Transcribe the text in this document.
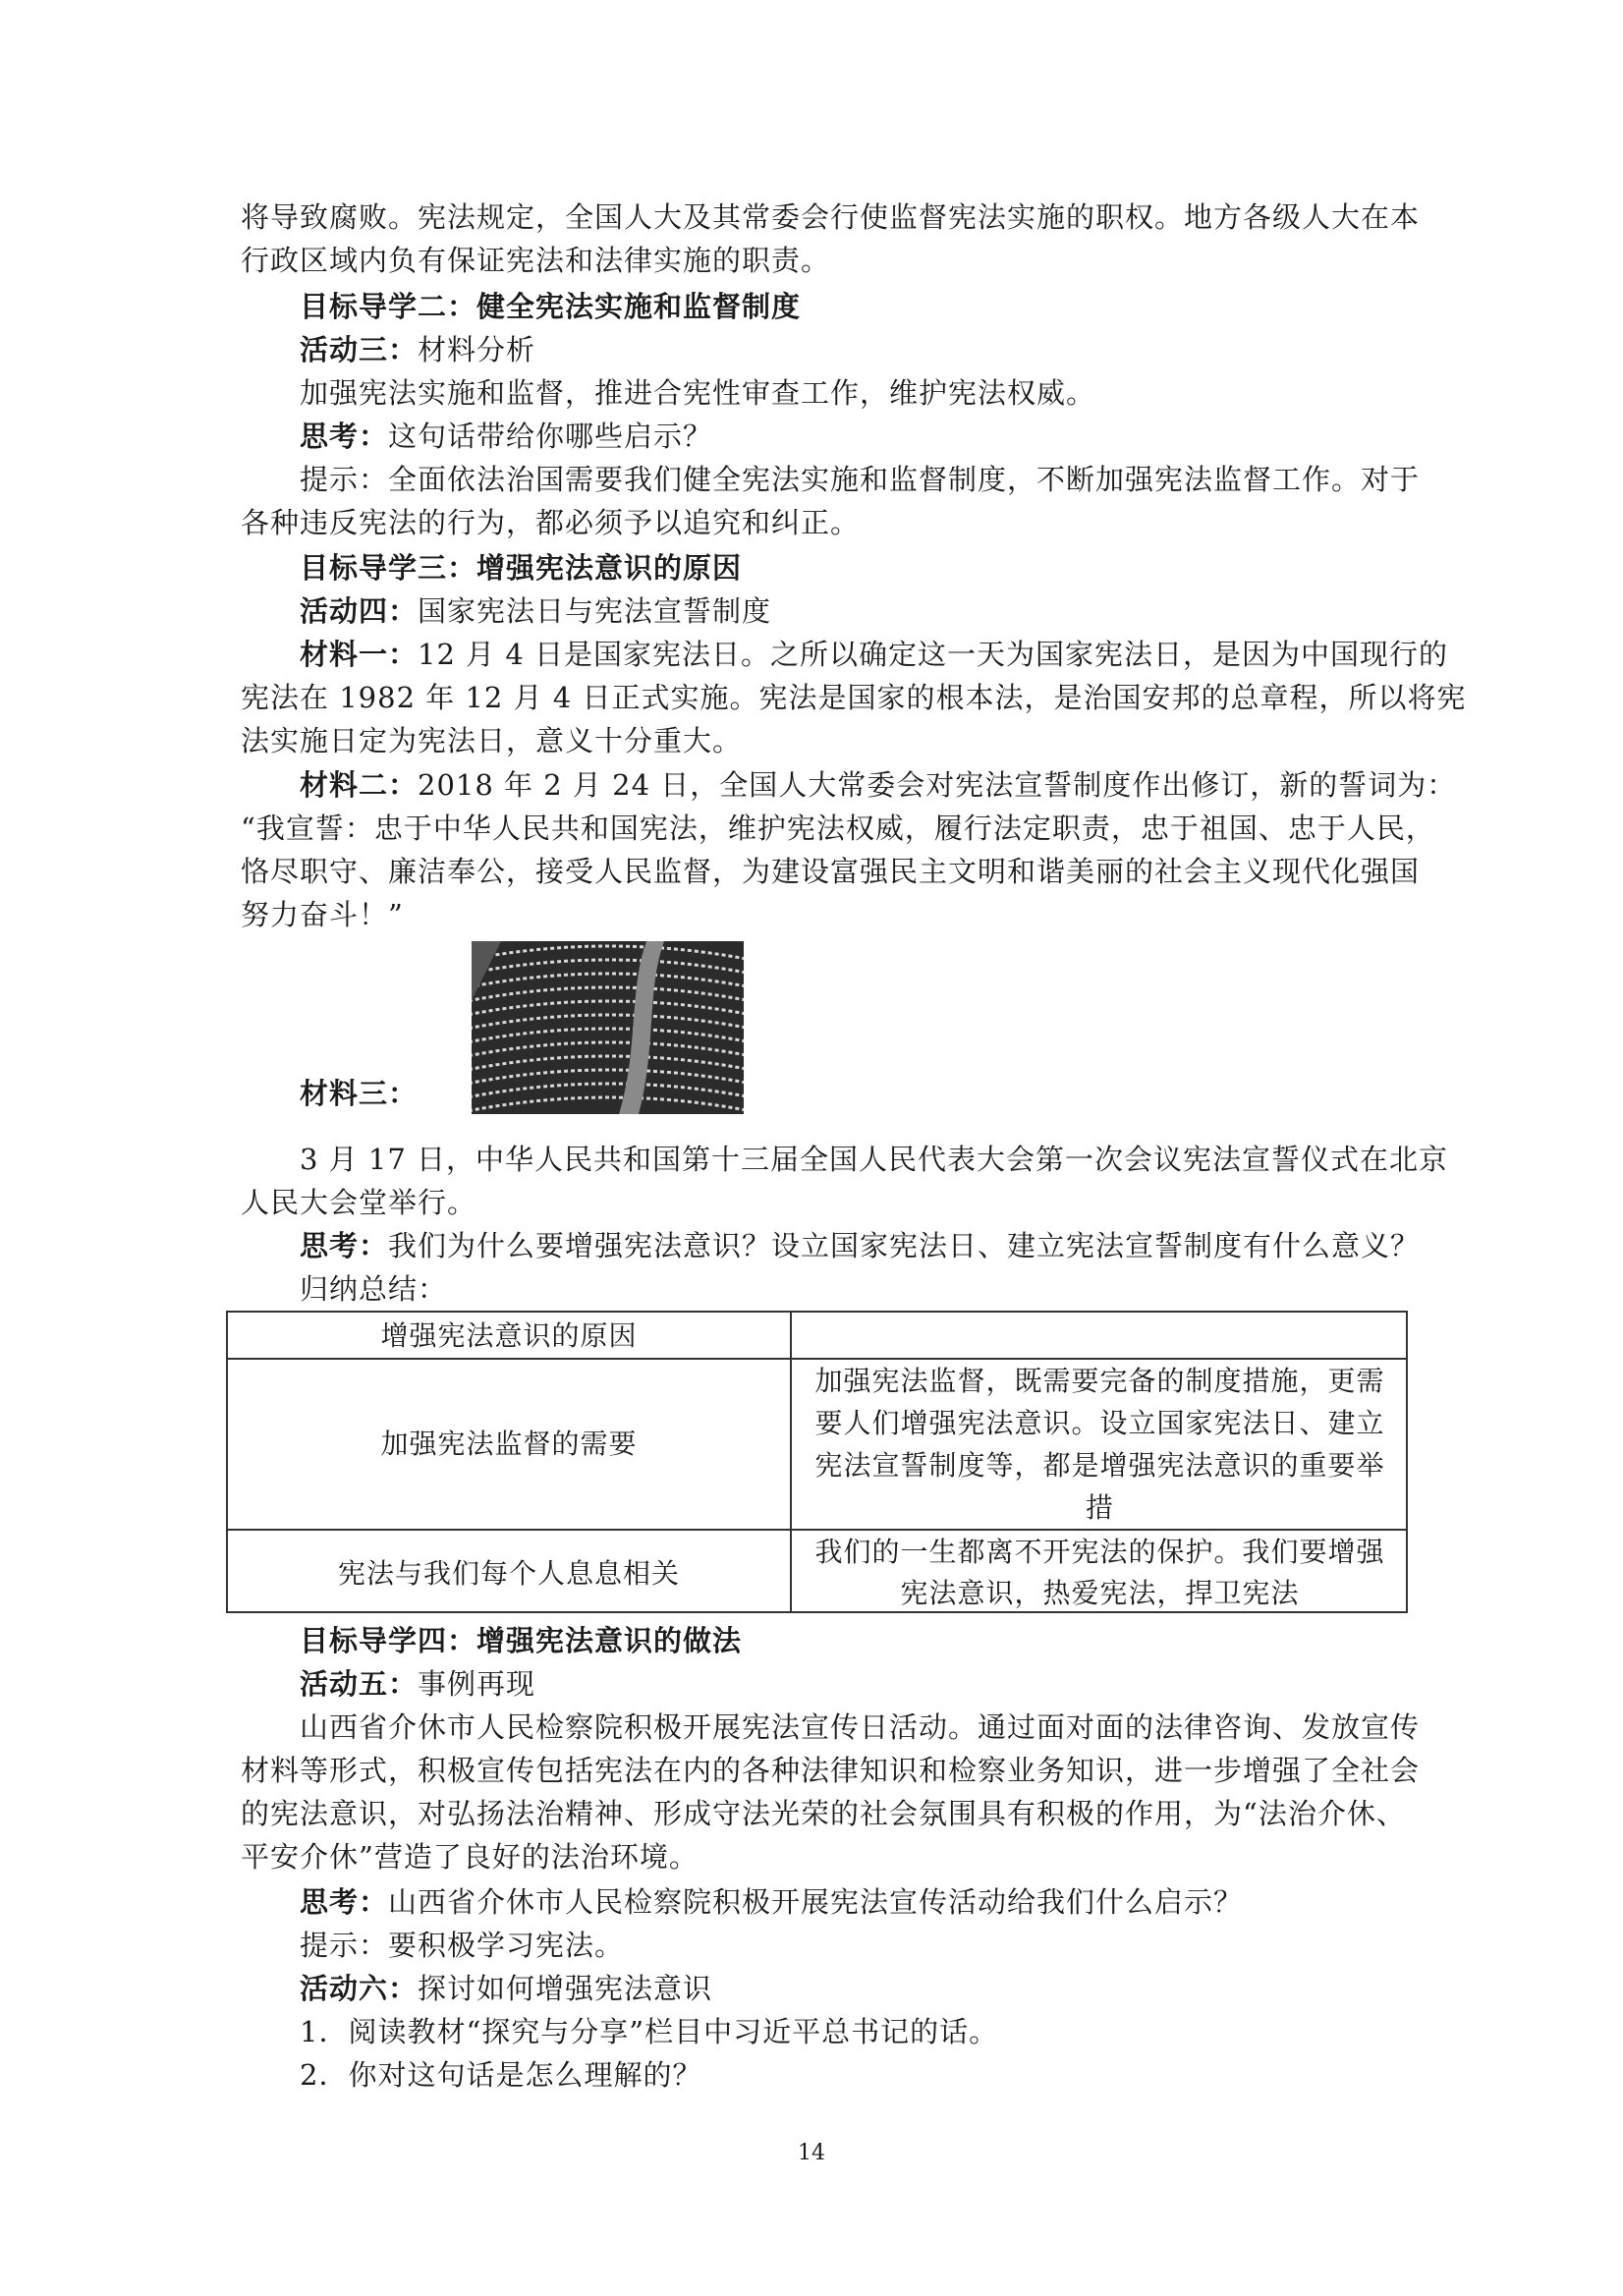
将导致腐败。宪法规定，全国人大及其常委会行使监督宪法实施的职权。地方各级人大在本
行政区域内负有保证宪法和法律实施的职责。
目标导学二：健全宪法实施和监督制度
活动三：材料分析
加强宪法实施和监督，推进合宪性审查工作，维护宪法权威。
思考：这句话带给你哪些启示？
提示：全面依法治国需要我们健全宪法实施和监督制度，不断加强宪法监督工作。对于
各种违反宪法的行为，都必须予以追究和纠正。
目标导学三：增强宪法意识的原因
活动四：国家宪法日与宪法宣誓制度
材料一：12 月 4 日是国家宪法日。之所以确定这一天为国家宪法日，是因为中国现行的
宪法在 1982 年 12 月 4 日正式实施。宪法是国家的根本法，是治国安邦的总章程，所以将宪
法实施日定为宪法日，意义十分重大。
材料二：2018 年 2 月 24 日，全国人大常委会对宪法宣誓制度作出修订，新的誓词为：
“我宣誓：忠于中华人民共和国宪法，维护宪法权威，履行法定职责，忠于祖国、忠于人民，
恪尽职守、廉洁奉公，接受人民监督，为建设富强民主文明和谐美丽的社会主义现代化强国
努力奋斗！”
材料三：
3 月 17 日，中华人民共和国第十三届全国人民代表大会第一次会议宪法宣誓仪式在北京
人民大会堂举行。
思考：我们为什么要增强宪法意识？设立国家宪法日、建立宪法宣誓制度有什么意义？
归纳总结：
增强宪法意识的原因
加强宪法监督的需要
加强宪法监督，既需要完备的制度措施，更需
要人们增强宪法意识。设立国家宪法日、建立
宪法宣誓制度等，都是增强宪法意识的重要举
措
宪法与我们每个人息息相关
我们的一生都离不开宪法的保护。我们要增强
宪法意识，热爱宪法，捍卫宪法
目标导学四：增强宪法意识的做法
活动五：事例再现
山西省介休市人民检察院积极开展宪法宣传日活动。通过面对面的法律咨询、发放宣传
材料等形式，积极宣传包括宪法在内的各种法律知识和检察业务知识，进一步增强了全社会
的宪法意识，对弘扬法治精神、形成守法光荣的社会氛围具有积极的作用，为“法治介休、
平安介休”营造了良好的法治环境。
思考：山西省介休市人民检察院积极开展宪法宣传活动给我们什么启示？
提示：要积极学习宪法。
活动六：探讨如何增强宪法意识
1．阅读教材“探究与分享”栏目中习近平总书记的话。
2．你对这句话是怎么理解的？
14
